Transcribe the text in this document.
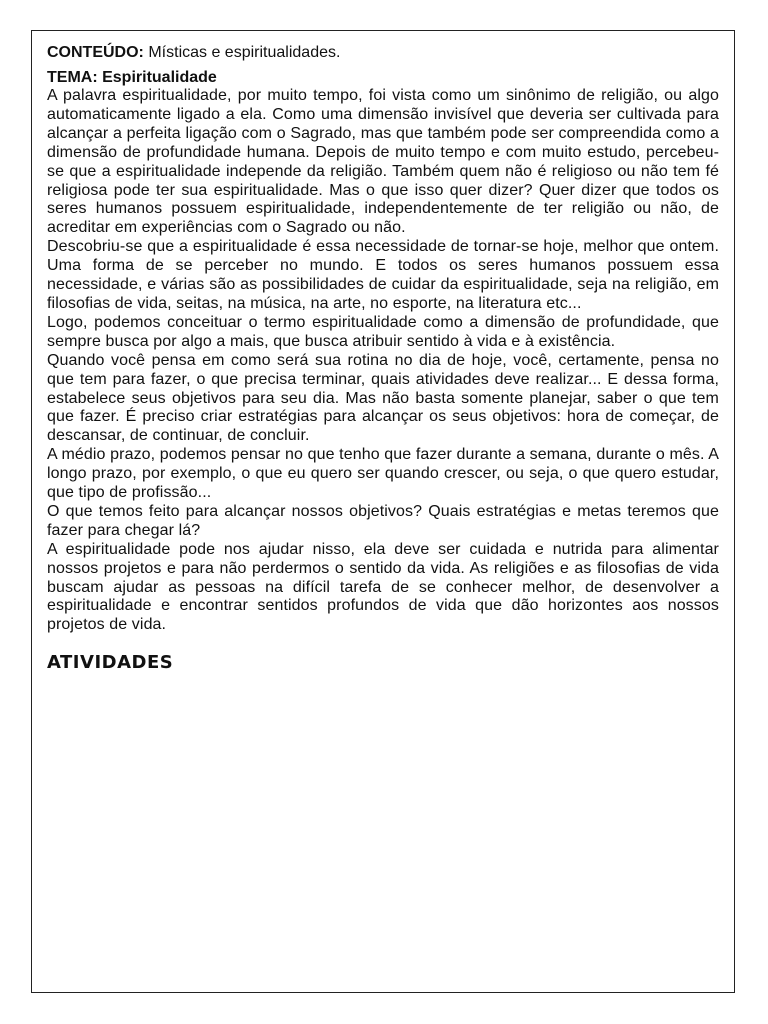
CONTEÚDO: Místicas e espiritualidades.
TEMA: Espiritualidade

A palavra espiritualidade, por muito tempo, foi vista como um sinônimo de religião, ou algo automaticamente ligado a ela. Como uma dimensão invisível que deveria ser cultivada para alcançar a perfeita ligação com o Sagrado, mas que também pode ser compreendida como a dimensão de profundidade humana. Depois de muito tempo e com muito estudo, percebeu-se que a espiritualidade independe da religião. Também quem não é religioso ou não tem fé religiosa pode ter sua espiritualidade. Mas o que isso quer dizer? Quer dizer que todos os seres humanos possuem espiritualidade, independentemente de ter religião ou não, de acreditar em experiências com o Sagrado ou não.

Descobriu-se que a espiritualidade é essa necessidade de tornar-se hoje, melhor que ontem. Uma forma de se perceber no mundo. E todos os seres humanos possuem essa necessidade, e várias são as possibilidades de cuidar da espiritualidade, seja na religião, em filosofias de vida, seitas, na música, na arte, no esporte, na literatura etc...

Logo, podemos conceituar o termo espiritualidade como a dimensão de profundidade, que sempre busca por algo a mais, que busca atribuir sentido à vida e à existência.

Quando você pensa em como será sua rotina no dia de hoje, você, certamente, pensa no que tem para fazer, o que precisa terminar, quais atividades deve realizar... E dessa forma, estabelece seus objetivos para seu dia. Mas não basta somente planejar, saber o que tem que fazer. É preciso criar estratégias para alcançar os seus objetivos: hora de começar, de descansar, de continuar, de concluir.

A médio prazo, podemos pensar no que tenho que fazer durante a semana, durante o mês. A longo prazo, por exemplo, o que eu quero ser quando crescer, ou seja, o que quero estudar, que tipo de profissão...

O que temos feito para alcançar nossos objetivos? Quais estratégias e metas teremos que fazer para chegar lá?

A espiritualidade pode nos ajudar nisso, ela deve ser cuidada e nutrida para alimentar nossos projetos e para não perdermos o sentido da vida. As religiões e as filosofias de vida buscam ajudar as pessoas na difícil tarefa de se conhecer melhor, de desenvolver a espiritualidade e encontrar sentidos profundos de vida que dão horizontes aos nossos projetos de vida.

ATIVIDADES
